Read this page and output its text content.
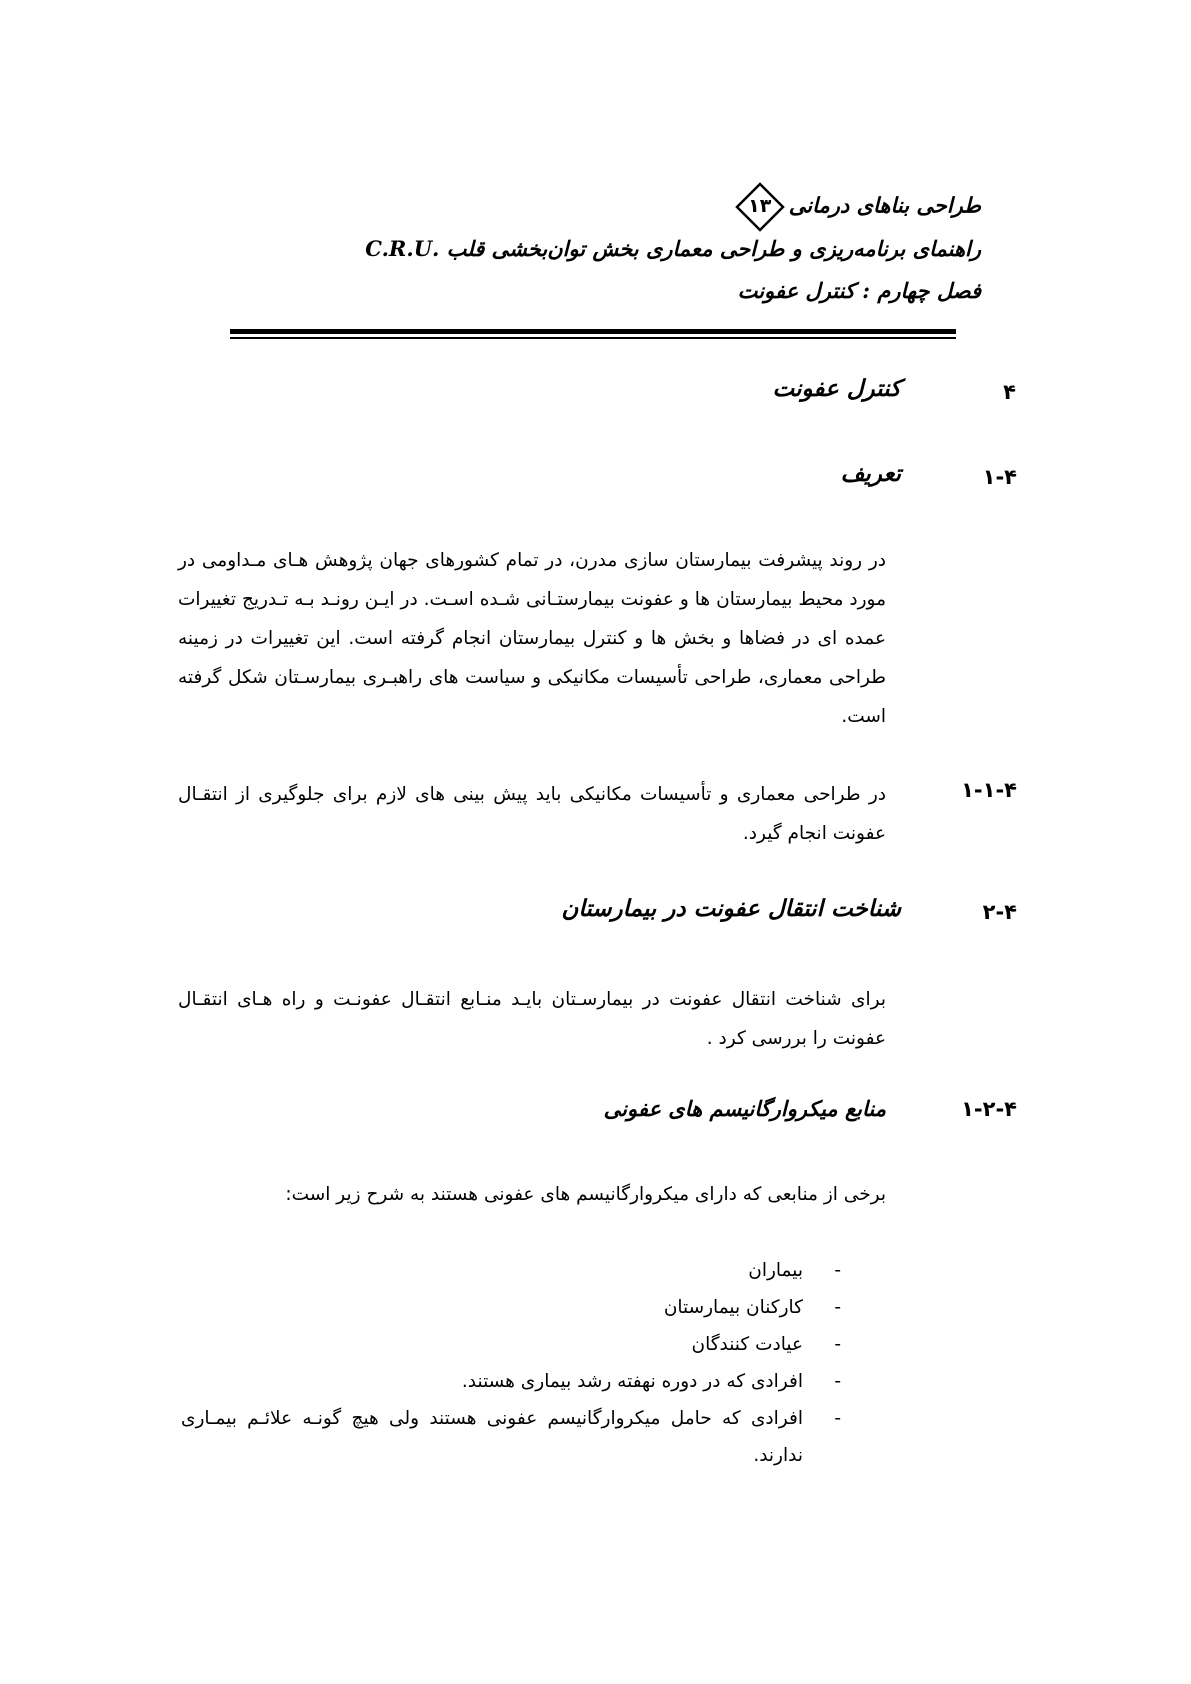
طراحی بناهای درمانی
۱۳
راهنمای برنامه‌ریزی و طراحی معماری بخش توان‌بخشی قلب .C.R.U
فصل چهارم : کنترل عفونت
۴
کنترل عفونت
۱-۴
تعریف

در روند پیشرفت بیمارستان سازی مدرن، در تمام کشورهای جهان پژوهش هـای مـداومی در مورد محیط بیمارستان ها و عفونت بیمارستـانی شـده اسـت. در ایـن رونـد بـه تـدریج تغییرات عمده ای در فضاها و بخش ها و کنترل بیمارستان انجام گرفته است. این تغییرات در زمینه طراحی معماری، طراحی تأسیسات مکانیکی و سیاست های راهبـری بیمارسـتان شکل گرفته است.

۱-۱-۴

در طراحی معماری و تأسیسات مکانیکی باید پیش بینی های لازم برای جلوگیری از انتقـال عفونت انجام گیرد.

۲-۴
شناخت انتقال عفونت در بیمارستان

برای شناخت انتقال عفونت در بیمارسـتان بایـد منـابع انتقـال عفونـت و راه هـای انتقـال عفونت را بررسی کرد .

۱-۲-۴
منابع میکروارگانیسم های عفونی

برخی از منابعی که دارای میکروارگانیسم های عفونی هستند به شرح زیر است:

-
بیماران
-
کارکنان بیمارستان
-
عیادت کنندگان
-
افرادی که در دوره نهفته رشد بیماری هستند.
-
افرادی که حامل میکروارگانیسم عفونی هستند ولی هیچ گونـه علائـم بیمـاری ندارند.
